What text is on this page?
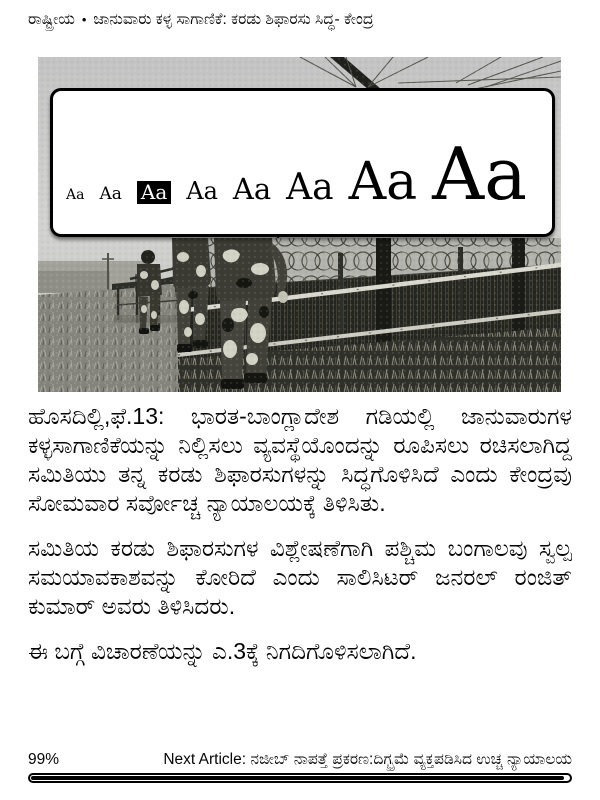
ರಾಷ್ಟ್ರೀಯ • ಜಾನುವಾರು ಕಳ್ಳ ಸಾಗಾಣಿಕೆ: ಕರಡು ಶಿಫಾರಸು ಸಿದ್ಧ- ಕೇಂದ್ರ
Aa Aa Aa Aa Aa Aa Aa Aa

ಹೊಸದಿಲ್ಲಿ,ಫೆ.13: ಭಾರತ-ಬಾಂಗ್ಲಾದೇಶ ಗಡಿಯಲ್ಲಿ ಜಾನುವಾರುಗಳ ಕಳ್ಳಸಾಗಾಣಿಕೆಯನ್ನು ನಿಲ್ಲಿಸಲು ವ್ಯವಸ್ಥೆಯೊಂದನ್ನು ರೂಪಿಸಲು ರಚಿಸಲಾಗಿದ್ದ ಸಮಿತಿಯು ತನ್ನ ಕರಡು ಶಿಫಾರಸುಗಳನ್ನು ಸಿದ್ಧಗೊಳಿಸಿದೆ ಎಂದು ಕೇಂದ್ರವು ಸೋಮವಾರ ಸರ್ವೋಚ್ಚ ನ್ಯಾಯಾಲಯಕ್ಕೆ ತಿಳಿಸಿತು.

ಸಮಿತಿಯ ಕರಡು ಶಿಫಾರಸುಗಳ ವಿಶ್ಲೇಷಣೆಗಾಗಿ ಪಶ್ಚಿಮ ಬಂಗಾಲವು ಸ್ವಲ್ಪ ಸಮಯಾವಕಾಶವನ್ನು ಕೋರಿದೆ ಎಂದು ಸಾಲಿಸಿಟರ್ ಜನರಲ್ ರಂಜಿತ್ ಕುಮಾರ್ ಅವರು ತಿಳಿಸಿದರು.

ಈ ಬಗ್ಗೆ ವಿಚಾರಣೆಯನ್ನು ಎ.3ಕ್ಕೆ ನಿಗದಿಗೊಳಿಸಲಾಗಿದೆ.

99%	Next Article: ನಜೀಬ್ ನಾಪತ್ತೆ ಪ್ರಕರಣ:ದಿಗ್ಭ್ರಮೆ ವ್ಯಕ್ತಪಡಿಸಿದ ಉಚ್ಚ ನ್ಯಾಯಾಲಯ
